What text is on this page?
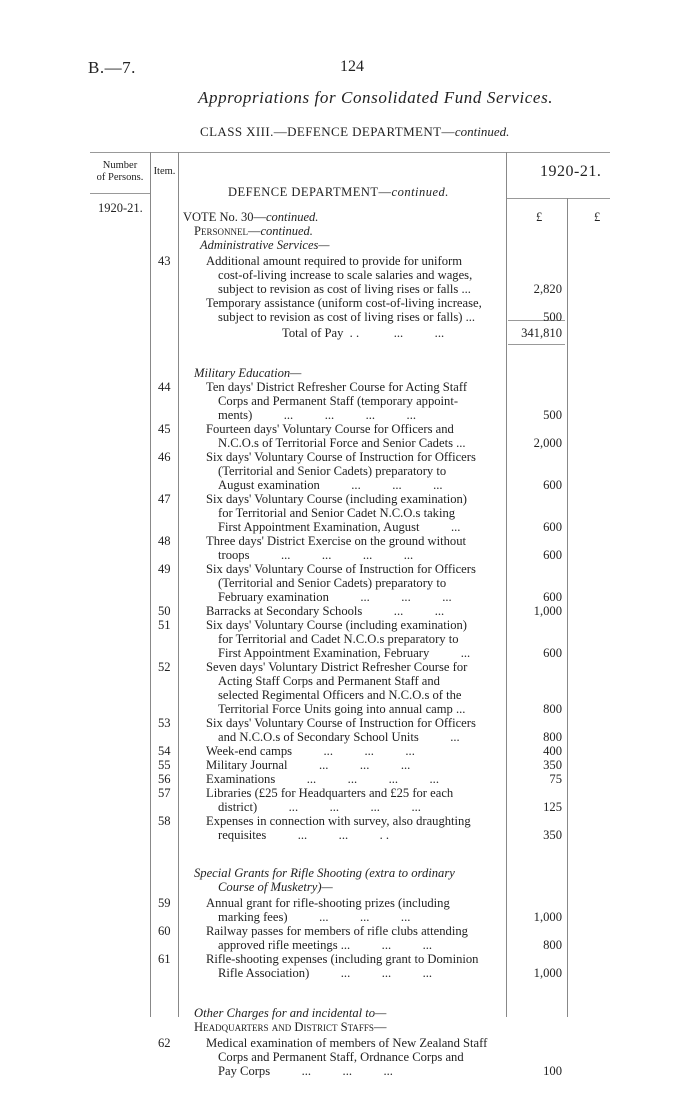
B.—7.	124
Appropriations for Consolidated Fund Services.
CLASS XIII.—DEFENCE DEPARTMENT—continued.
Number
of Persons.
Item.	1920-21.
1920-21.
£	£
DEFENCE DEPARTMENT—continued.
VOTE No. 30—continued.
Personnel—continued.
Administrative Services—
43	Additional amount required to provide for uniform
cost-of-living increase to scale salaries and wages,
subject to revision as cost of living rises or falls ...	2,820
Temporary assistance (uniform cost-of-living increase,
subject to revision as cost of living rises or falls) ...	500
Total of Pay  . .           ...          ...	341,810
Military Education—
44	Ten days' District Refresher Course for Acting Staff
Corps and Permanent Staff (temporary appoint-
ments)          ...          ...          ...          ...	500
45	Fourteen days' Voluntary Course for Officers and
N.C.O.s of Territorial Force and Senior Cadets ...	2,000
46	Six days' Voluntary Course of Instruction for Officers
(Territorial and Senior Cadets) preparatory to
August examination          ...          ...          ...	600
47	Six days' Voluntary Course (including examination)
for Territorial and Senior Cadet N.C.O.s taking
First Appointment Examination, August          ...	600
48	Three days' District Exercise on the ground without
troops          ...          ...          ...          ...	600
49	Six days' Voluntary Course of Instruction for Officers
(Territorial and Senior Cadets) preparatory to
February examination          ...          ...          ...	600
50	Barracks at Secondary Schools          ...          ...	1,000
51	Six days' Voluntary Course (including examination)
for Territorial and Cadet N.C.O.s preparatory to
First Appointment Examination, February          ...	600
52	Seven days' Voluntary District Refresher Course for
Acting Staff Corps and Permanent Staff and
selected Regimental Officers and N.C.O.s of the
Territorial Force Units going into annual camp ...	800
53	Six days' Voluntary Course of Instruction for Officers
and N.C.O.s of Secondary School Units          ...	800
54	Week-end camps          ...          ...          ...	400
55	Military Journal          ...          ...          ...	350
56	Examinations          ...          ...          ...          ...	75
57	Libraries (£25 for Headquarters and £25 for each
district)          ...          ...          ...          ...	125
58	Expenses in connection with survey, also draughting
requisites          ...          ...          . .	350
Special Grants for Rifle Shooting (extra to ordinary
Course of Musketry)—
59	Annual grant for rifle-shooting prizes (including
marking fees)          ...          ...          ...	1,000
60	Railway passes for members of rifle clubs attending
approved rifle meetings ...          ...          ...	800
61	Rifle-shooting expenses (including grant to Dominion
Rifle Association)          ...          ...          ...	1,000
Other Charges for and incidental to—
Headquarters and District Staffs—
62	Medical examination of members of New Zealand Staff
Corps and Permanent Staff, Ordnance Corps and
Pay Corps          ...          ...          ...	100
